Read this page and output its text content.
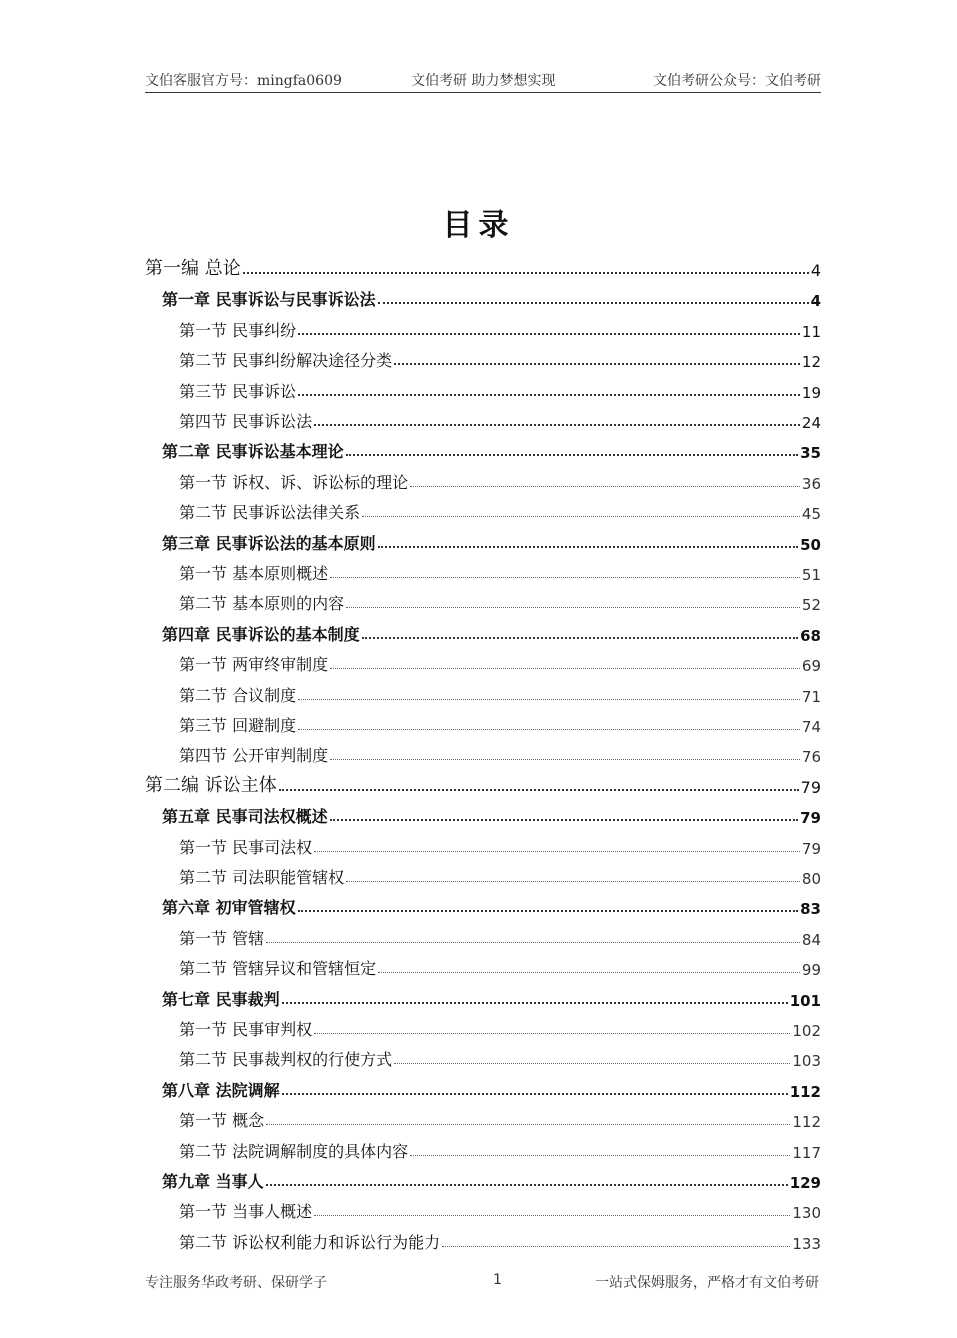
文伯客服官方号：mingfa0609	文伯考研 助力梦想实现	文伯考研公众号：文伯考研
目录
第一编 总论	4
第一章 民事诉讼与民事诉讼法	4
第一节 民事纠纷	11
第二节 民事纠纷解决途径分类	12
第三节 民事诉讼	19
第四节 民事诉讼法	24
第二章 民事诉讼基本理论	35
第一节 诉权、诉、诉讼标的理论	36
第二节 民事诉讼法律关系	45
第三章 民事诉讼法的基本原则	50
第一节 基本原则概述	51
第二节 基本原则的内容	52
第四章 民事诉讼的基本制度	68
第一节 两审终审制度	69
第二节 合议制度	71
第三节 回避制度	74
第四节 公开审判制度	76
第二编 诉讼主体	79
第五章 民事司法权概述	79
第一节 民事司法权	79
第二节 司法职能管辖权	80
第六章 初审管辖权	83
第一节 管辖	84
第二节 管辖异议和管辖恒定	99
第七章 民事裁判	101
第一节 民事审判权	102
第二节 民事裁判权的行使方式	103
第八章 法院调解	112
第一节 概念	112
第二节 法院调解制度的具体内容	117
第九章 当事人	129
第一节 当事人概述	130
第二节 诉讼权利能力和诉讼行为能力	133
专注服务华政考研、保研学子	1	一站式保姆服务，严格才有文伯考研
